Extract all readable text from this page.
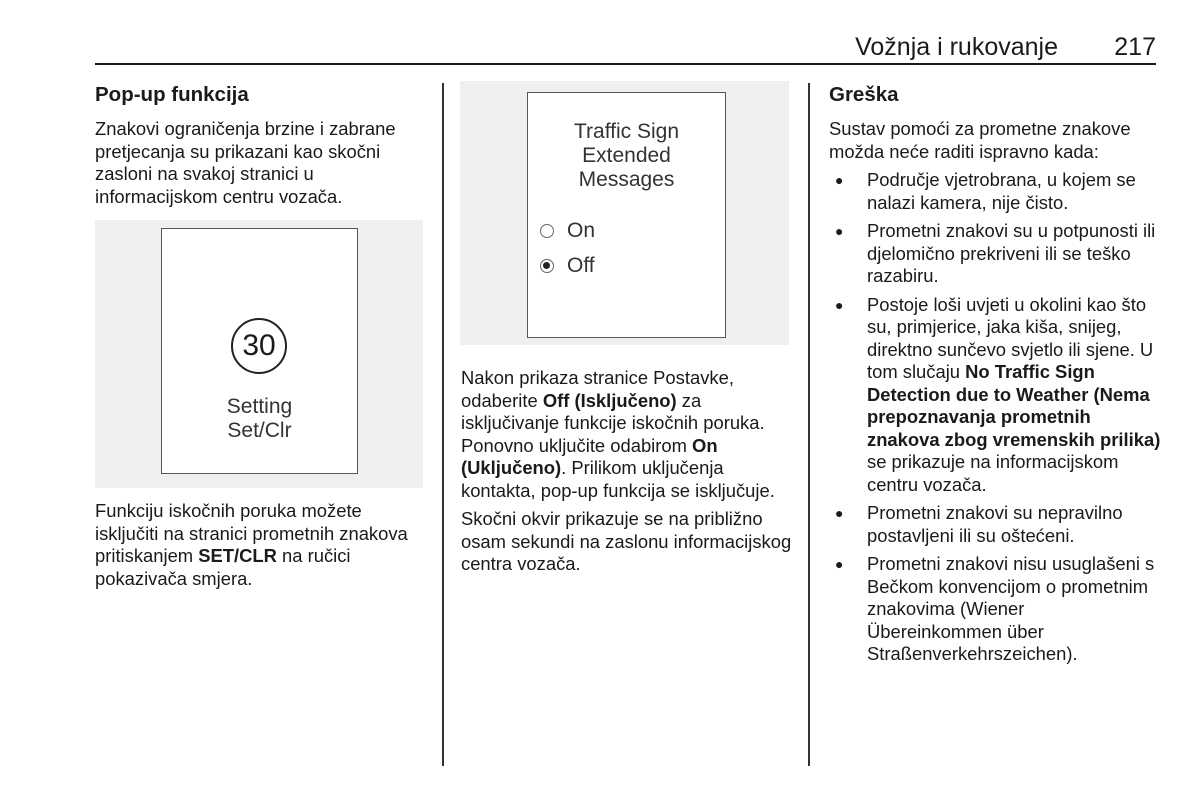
Vožnja i rukovanje 217
Pop-up funkcija

Znakovi ograničenja brzine i zabrane pretjecanja su prikazani kao skočni zasloni na svakoj stranici u informacijskom centru vozača.

30
Setting
Set/Clr

Funkciju iskočnih poruka možete isključiti na stranici prometnih znakova pritiskanjem SET/CLR na ručici pokazivača smjera.

Traffic Sign
Extended
Messages
On
Off

Nakon prikaza stranice Postavke, odaberite Off (Isključeno) za isključivanje funkcije iskočnih poruka. Ponovno uključite odabirom On (Uključeno). Prilikom uključenja kontakta, pop-up funkcija se isključuje.

Skočni okvir prikazuje se na približno osam sekundi na zaslonu informacijskog centra vozača.

Greška

Sustav pomoći za prometne znakove možda neće raditi ispravno kada:

● Područje vjetrobrana, u kojem se nalazi kamera, nije čisto.
● Prometni znakovi su u potpunosti ili djelomično prekriveni ili se teško razabiru.
● Postoje loši uvjeti u okolini kao što su, primjerice, jaka kiša, snijeg, direktno sunčevo svjetlo ili sjene. U tom slučaju No Traffic Sign Detection due to Weather (Nema prepoznavanja prometnih znakova zbog vremenskih prilika) se prikazuje na informacijskom centru vozača.
● Prometni znakovi su nepravilno postavljeni ili su oštećeni.
● Prometni znakovi nisu usuglašeni s Bečkom konvencijom o prometnim znakovima (Wiener Übereinkommen über Straßenverkehrszeichen).
